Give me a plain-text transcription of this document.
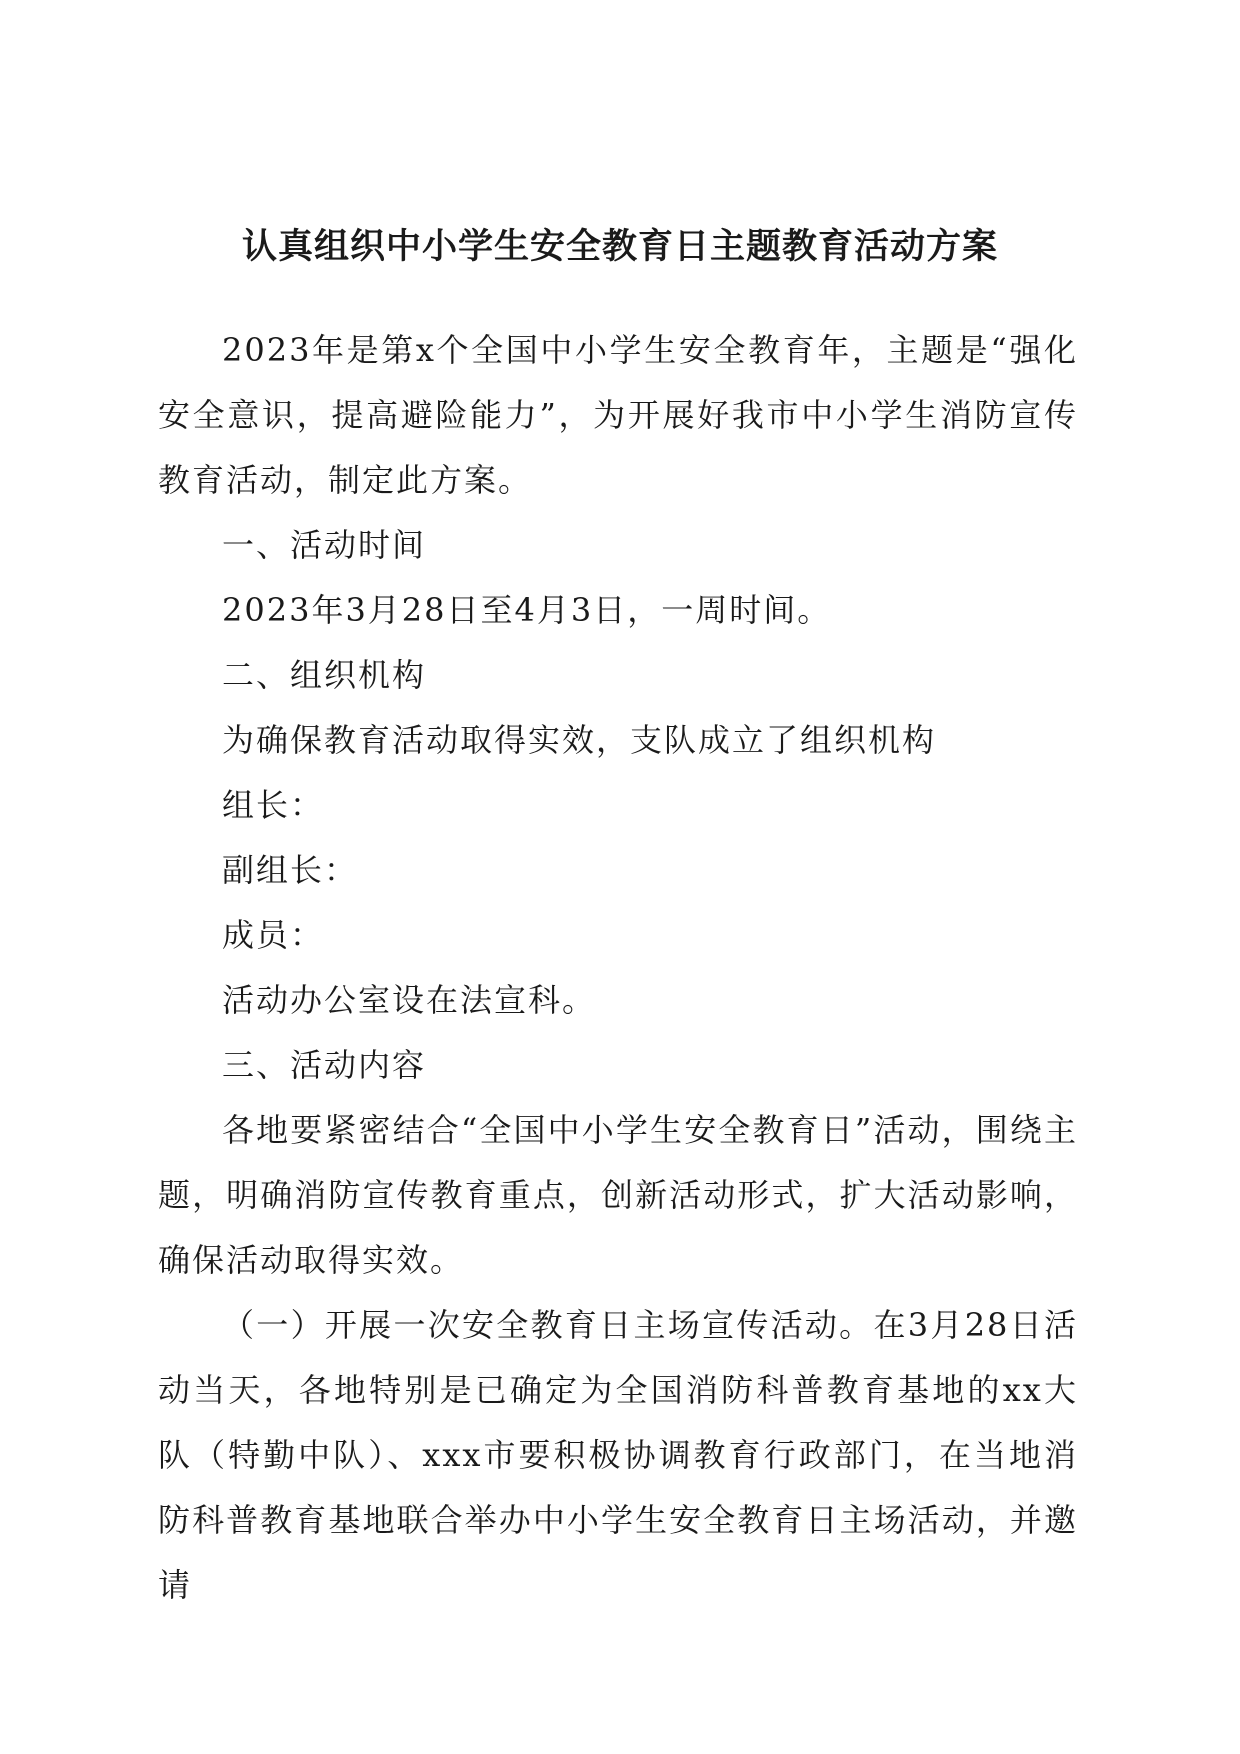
认真组织中小学生安全教育日主题教育活动方案

2023年是第x个全国中小学生安全教育年，主题是“强化安全意识，提高避险能力”，为开展好我市中小学生消防宣传教育活动，制定此方案。

一、活动时间

2023年3月28日至4月3日，一周时间。

二、组织机构

为确保教育活动取得实效，支队成立了组织机构

组长：

副组长：

成员：

活动办公室设在法宣科。

三、活动内容

各地要紧密结合“全国中小学生安全教育日”活动，围绕主题，明确消防宣传教育重点，创新活动形式，扩大活动影响，确保活动取得实效。

（一）开展一次安全教育日主场宣传活动。在3月28日活动当天，各地特别是已确定为全国消防科普教育基地的xx大队（特勤中队）、xxx市要积极协调教育行政部门，在当地消防科普教育基地联合举办中小学生安全教育日主场活动，并邀请
